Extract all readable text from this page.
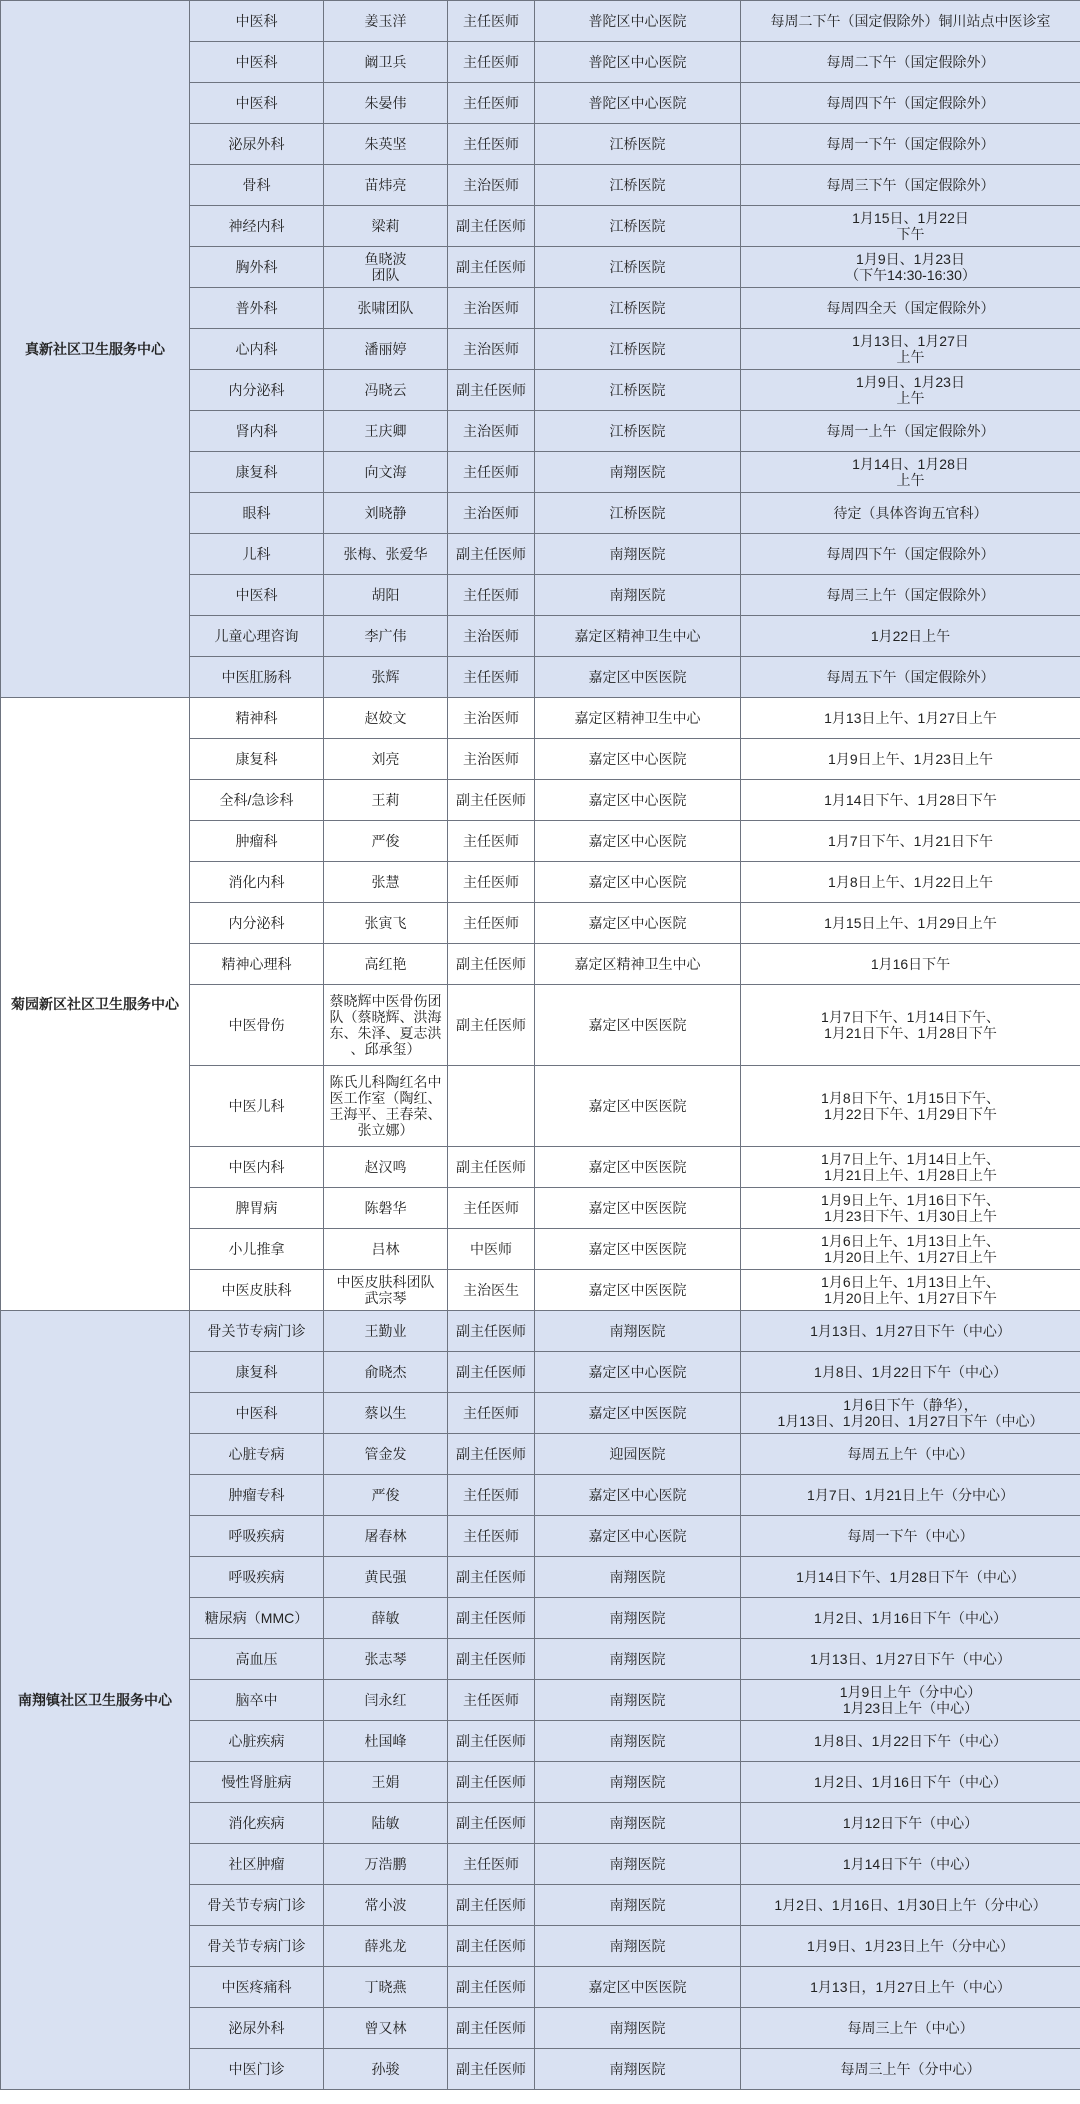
真新社区卫生服务中心	中医科	姜玉洋	主任医师	普陀区中心医院	每周二下午（国定假除外）铜川站点中医诊室
	中医科	阚卫兵	主任医师	普陀区中心医院	每周二下午（国定假除外）
	中医科	朱晏伟	主任医师	普陀区中心医院	每周四下午（国定假除外）
	泌尿外科	朱英坚	主任医师	江桥医院	每周一下午（国定假除外）
	骨科	苗炜亮	主治医师	江桥医院	每周三下午（国定假除外）
	神经内科	梁莉	副主任医师	江桥医院	1月15日、1月22日
下午
	胸外科	鱼晓波
团队	副主任医师	江桥医院	1月9日、1月23日
（下午14:30-16:30）
	普外科	张啸团队	主治医师	江桥医院	每周四全天（国定假除外）
	心内科	潘丽婷	主治医师	江桥医院	1月13日、1月27日
上午
	内分泌科	冯晓云	副主任医师	江桥医院	1月9日、1月23日
上午
	肾内科	王庆卿	主治医师	江桥医院	每周一上午（国定假除外）
	康复科	向文海	主任医师	南翔医院	1月14日、1月28日
上午
	眼科	刘晓静	主治医师	江桥医院	待定（具体咨询五官科）
	儿科	张梅、张爱华	副主任医师	南翔医院	每周四下午（国定假除外）
	中医科	胡阳	主任医师	南翔医院	每周三上午（国定假除外）
	儿童心理咨询	李广伟	主治医师	嘉定区精神卫生中心	1月22日上午
	中医肛肠科	张辉	主任医师	嘉定区中医医院	每周五下午（国定假除外）
菊园新区社区卫生服务中心	精神科	赵姣文	主治医师	嘉定区精神卫生中心	1月13日上午、1月27日上午
	康复科	刘亮	主治医师	嘉定区中心医院	1月9日上午、1月23日上午
	全科/急诊科	王莉	副主任医师	嘉定区中心医院	1月14日下午、1月28日下午
	肿瘤科	严俊	主任医师	嘉定区中心医院	1月7日下午、1月21日下午
	消化内科	张慧	主任医师	嘉定区中心医院	1月8日上午、1月22日上午
	内分泌科	张寅飞	主任医师	嘉定区中心医院	1月15日上午、1月29日上午
	精神心理科	高红艳	副主任医师	嘉定区精神卫生中心	1月16日下午
	中医骨伤	蔡晓辉中医骨伤团
队（蔡晓辉、洪海
东、朱泽、夏志洪
、邱承玺）	副主任医师	嘉定区中医医院	1月7日下午、1月14日下午、
1月21日下午、1月28日下午
	中医儿科	陈氏儿科陶红名中
医工作室（陶红、
王海平、王春荣、
张立娜）		嘉定区中医医院	1月8日下午、1月15日下午、
1月22日下午、1月29日下午
	中医内科	赵汉鸣	副主任医师	嘉定区中医医院	1月7日上午、1月14日上午、
1月21日上午、1月28日上午
	脾胃病	陈磐华	主任医师	嘉定区中医医院	1月9日上午、1月16日下午、
1月23日下午、1月30日上午
	小儿推拿	吕林	中医师	嘉定区中医医院	1月6日上午、1月13日上午、
1月20日上午、1月27日上午
	中医皮肤科	中医皮肤科团队
武宗琴	主治医生	嘉定区中医医院	1月6日上午、1月13日上午、
1月20日上午、1月27日下午
南翔镇社区卫生服务中心	骨关节专病门诊	王勤业	副主任医师	南翔医院	1月13日、1月27日下午（中心）
	康复科	俞晓杰	副主任医师	嘉定区中心医院	1月8日、1月22日下午（中心）
	中医科	蔡以生	主任医师	嘉定区中医医院	1月6日下午（静华），
1月13日、1月20日、1月27日下午（中心）
	心脏专病	管金发	副主任医师	迎园医院	每周五上午（中心）
	肿瘤专科	严俊	主任医师	嘉定区中心医院	1月7日、1月21日上午（分中心）
	呼吸疾病	屠春林	主任医师	嘉定区中心医院	每周一下午（中心）
	呼吸疾病	黄民强	副主任医师	南翔医院	1月14日下午、1月28日下午（中心）
	糖尿病（MMC）	薛敏	副主任医师	南翔医院	1月2日、1月16日下午（中心）
	高血压	张志琴	副主任医师	南翔医院	1月13日、1月27日下午（中心）
	脑卒中	闫永红	主任医师	南翔医院	1月9日上午（分中心）
1月23日上午（中心）
	心脏疾病	杜国峰	副主任医师	南翔医院	1月8日、1月22日下午（中心）
	慢性肾脏病	王娟	副主任医师	南翔医院	1月2日、1月16日下午（中心）
	消化疾病	陆敏	副主任医师	南翔医院	1月12日下午（中心）
	社区肿瘤	万浩鹏	主任医师	南翔医院	1月14日下午（中心）
	骨关节专病门诊	常小波	副主任医师	南翔医院	1月2日、1月16日、1月30日上午（分中心）
	骨关节专病门诊	薛兆龙	副主任医师	南翔医院	1月9日、1月23日上午（分中心）
	中医疼痛科	丁晓燕	副主任医师	嘉定区中医医院	1月13日，1月27日上午（中心）
	泌尿外科	曾又林	副主任医师	南翔医院	每周三上午（中心）
	中医门诊	孙骏	副主任医师	南翔医院	每周三上午（分中心）
